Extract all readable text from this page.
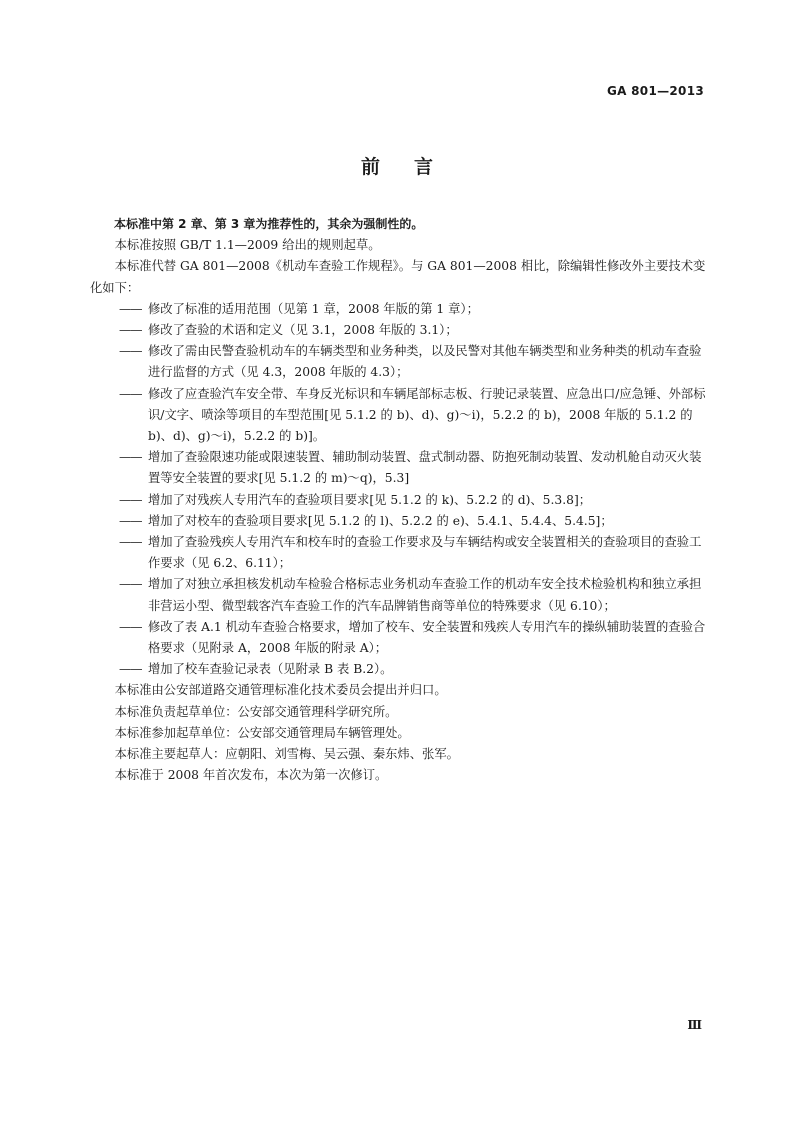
GA 801—2013
前言

本标准中第 2 章、第 3 章为推荐性的，其余为强制性的。

本标准按照 GB/T 1.1—2009 给出的规则起草。

本标准代替 GA 801—2008《机动车查验工作规程》。与 GA 801—2008 相比，除编辑性修改外主要技术变化如下：

—— 修改了标准的适用范围（见第 1 章，2008 年版的第 1 章）；

—— 修改了查验的术语和定义（见 3.1，2008 年版的 3.1）；

—— 修改了需由民警查验机动车的车辆类型和业务种类，以及民警对其他车辆类型和业务种类的机动车查验进行监督的方式（见 4.3，2008 年版的 4.3）；

—— 修改了应查验汽车安全带、车身反光标识和车辆尾部标志板、行驶记录装置、应急出口/应急锤、外部标识/文字、喷涂等项目的车型范围[见 5.1.2 的 b)、d)、g)～i)，5.2.2 的 b)，2008 年版的 5.1.2 的 b)、d)、g)～i)，5.2.2 的 b)]。

—— 增加了查验限速功能或限速装置、辅助制动装置、盘式制动器、防抱死制动装置、发动机舱自动灭火装置等安全装置的要求[见 5.1.2 的 m)～q)，5.3]

—— 增加了对残疾人专用汽车的查验项目要求[见 5.1.2 的 k)、5.2.2 的 d)、5.3.8]；

—— 增加了对校车的查验项目要求[见 5.1.2 的 l)、5.2.2 的 e)、5.4.1、5.4.4、5.4.5]；

—— 增加了查验残疾人专用汽车和校车时的查验工作要求及与车辆结构或安全装置相关的查验项目的查验工作要求（见 6.2、6.11）；

—— 增加了对独立承担核发机动车检验合格标志业务机动车查验工作的机动车安全技术检验机构和独立承担非营运小型、微型载客汽车查验工作的汽车品牌销售商等单位的特殊要求（见 6.10）；

—— 修改了表 A.1 机动车查验合格要求，增加了校车、安全装置和残疾人专用汽车的操纵辅助装置的查验合格要求（见附录 A，2008 年版的附录 A）；

—— 增加了校车查验记录表（见附录 B 表 B.2）。

本标准由公安部道路交通管理标准化技术委员会提出并归口。

本标准负责起草单位：公安部交通管理科学研究所。

本标准参加起草单位：公安部交通管理局车辆管理处。

本标准主要起草人：应朝阳、刘雪梅、吴云强、秦东炜、张军。

本标准于 2008 年首次发布，本次为第一次修订。

Ⅲ
